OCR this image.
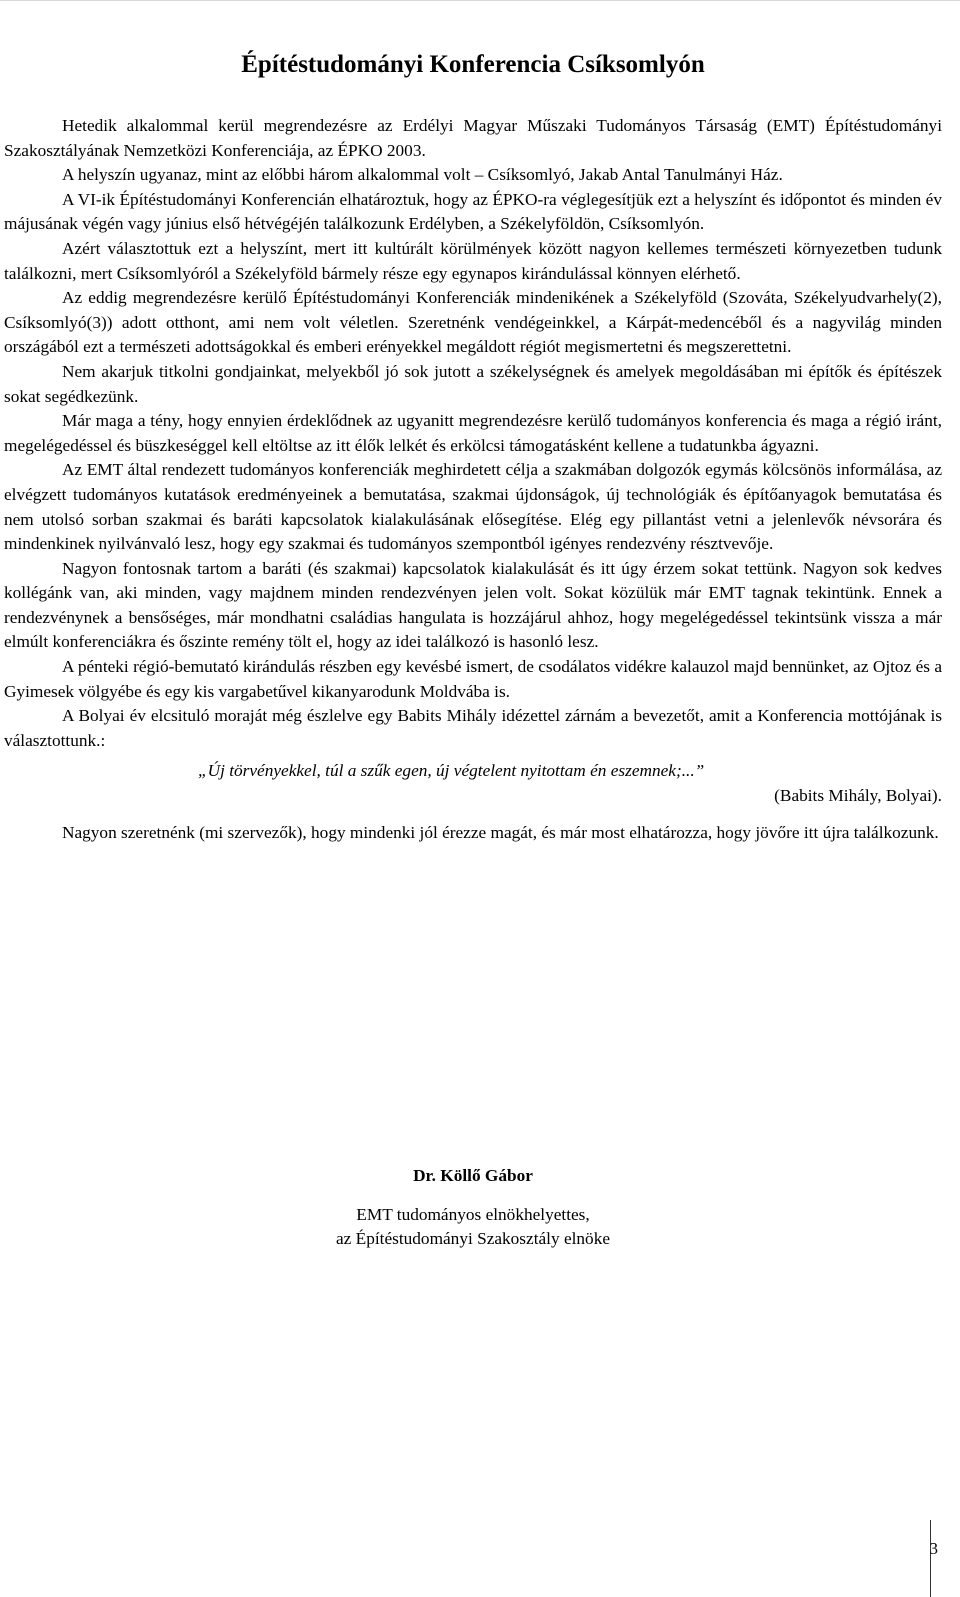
Építéstudományi Konferencia Csíksomlyón

Hetedik alkalommal kerül megrendezésre az Erdélyi Magyar Műszaki Tudományos Társaság (EMT) Építéstudományi Szakosztályának Nemzetközi Konferenciája, az ÉPKO 2003.

A helyszín ugyanaz, mint az előbbi három alkalommal volt – Csíksomlyó, Jakab Antal Tanulmányi Ház.

A VI-ik Építéstudományi Konferencián elhatároztuk, hogy az ÉPKO-ra véglegesítjük ezt a helyszínt és időpontot és minden év májusának végén vagy június első hétvégéjén találkozunk Erdélyben, a Székelyföldön, Csíksomlyón.

Azért választottuk ezt a helyszínt, mert itt kultúrált körülmények között nagyon kellemes természeti környezetben tudunk találkozni, mert Csíksomlyóról a Székelyföld bármely része egy egynapos kirándulással könnyen elérhető.

Az eddig megrendezésre kerülő Építéstudományi Konferenciák mindenikének a Székelyföld (Szováta, Székelyudvarhely(2), Csíksomlyó(3)) adott otthont, ami nem volt véletlen. Szeretnénk vendégeinkkel, a Kárpát-medencéből és a nagyvilág minden országából ezt a természeti adottságokkal és emberi erényekkel megáldott régiót megismertetni és megszerettetni.

Nem akarjuk titkolni gondjainkat, melyekből jó sok jutott a székelységnek és amelyek megoldásában mi építők és építészek sokat segédkezünk.

Már maga a tény, hogy ennyien érdeklődnek az ugyanitt megrendezésre kerülő tudományos konferencia és maga a régió iránt, megelégedéssel és büszkeséggel kell eltöltse az itt élők lelkét és erkölcsi támogatásként kellene a tudatunkba ágyazni.

Az EMT által rendezett tudományos konferenciák meghirdetett célja a szakmában dolgozók egymás kölcsönös informálása, az elvégzett tudományos kutatások eredményeinek a bemutatása, szakmai újdonságok, új technológiák és építőanyagok bemutatása és nem utolsó sorban szakmai és baráti kapcsolatok kialakulásának elősegítése. Elég egy pillantást vetni a jelenlevők névsorára és mindenkinek nyilvánvaló lesz, hogy egy szakmai és tudományos szempontból igényes rendezvény résztvevője.

Nagyon fontosnak tartom a baráti (és szakmai) kapcsolatok kialakulását és itt úgy érzem sokat tettünk. Nagyon sok kedves kollégánk van, aki minden, vagy majdnem minden rendezvényen jelen volt. Sokat közülük már EMT tagnak tekintünk. Ennek a rendezvénynek a bensőséges, már mondhatni családias hangulata is hozzájárul ahhoz, hogy megelégedéssel tekintsünk vissza a már elmúlt konferenciákra és őszinte remény tölt el, hogy az idei találkozó is hasonló lesz.

A pénteki régió-bemutató kirándulás részben egy kevésbé ismert, de csodálatos vidékre kalauzol majd bennünket, az Ojtoz és a Gyimesek völgyébe és egy kis vargabetűvel kikanyarodunk Moldvába is.

A Bolyai év elcsituló moraját még észlelve egy Babits Mihály idézettel zárnám a bevezetőt, amit a Konferencia mottójának is választottunk.:

„Új törvényekkel, túl a szűk egen, új végtelent nyitottam én eszemnek;...”

(Babits Mihály, Bolyai).

Nagyon szeretnénk (mi szervezők), hogy mindenki jól érezze magát, és már most elhatározza, hogy jövőre itt újra találkozunk.

Dr. Köllő Gábor

EMT tudományos elnökhelyettes,
az Építéstudományi Szakosztály elnöke

3
